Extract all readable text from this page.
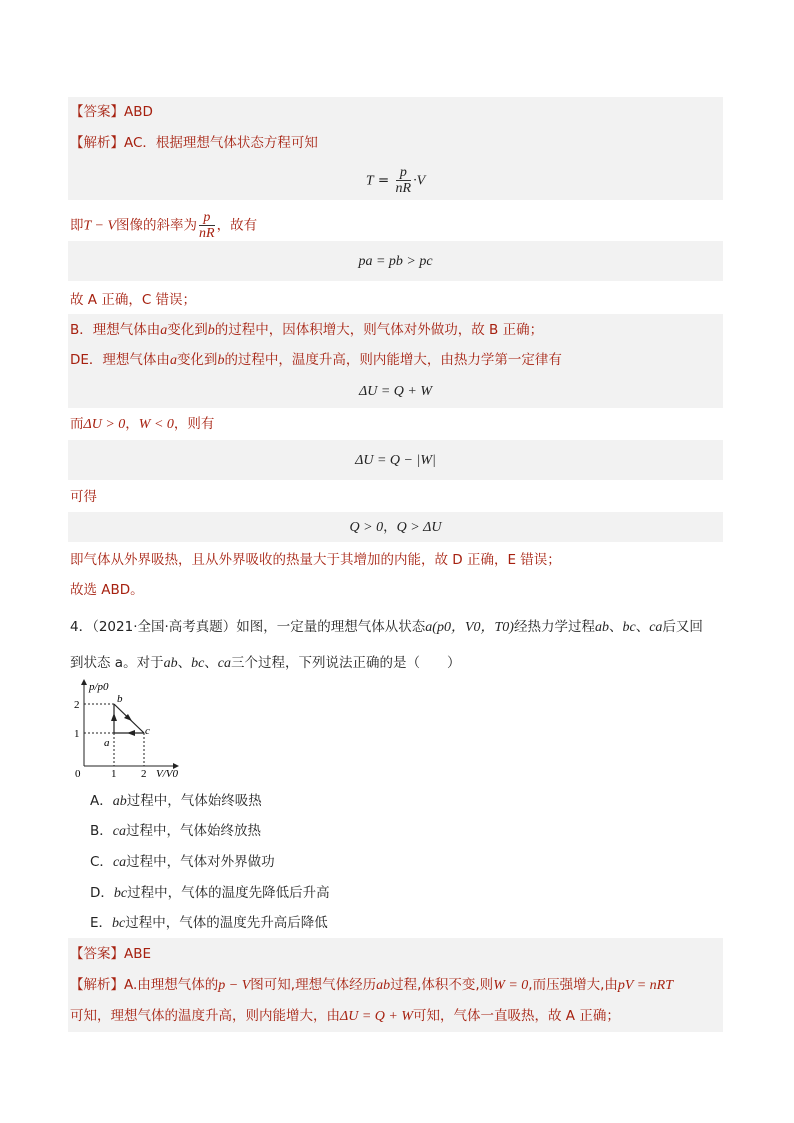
【答案】ABD
【解析】AC．根据理想气体状态方程可知
$T = \frac{p}{nR} \cdot V$
即T − V图像的斜率为 $\frac{p}{nR}$ ，故有
pa = pb > pc
故 A 正确，C 错误；
B．理想气体由a变化到b的过程中，因体积增大，则气体对外做功，故 B 正确；
DE．理想气体由a变化到b的过程中，温度升高，则内能增大，由热力学第一定律有
ΔU = Q + W
而ΔU > 0，W < 0，则有
ΔU = Q − |W|
可得
Q > 0，Q > ΔU
即气体从外界吸热，且从外界吸收的热量大于其增加的内能，故 D 正确，E 错误；
故选 ABD。
4．（2021·全国·高考真题）如图，一定量的理想气体从状态a(p0，V0，T0)经热力学过程ab、bc、ca后又回
到状态 a。对于ab、bc、ca三个过程，下列说法正确的是（　　）
p/p0
V/V0
0	1 2
1
2
a
b
c
A．ab过程中，气体始终吸热
B．ca过程中，气体始终放热
C．ca过程中，气体对外界做功
D．bc过程中，气体的温度先降低后升高
E．bc过程中，气体的温度先升高后降低
【答案】ABE
【解析】A.由理想气体的p − V图可知,理想气体经历ab过程,体积不变,则W = 0,而压强增大,由pV = nRT
可知，理想气体的温度升高，则内能增大，由ΔU = Q + W可知，气体一直吸热，故 A 正确；
